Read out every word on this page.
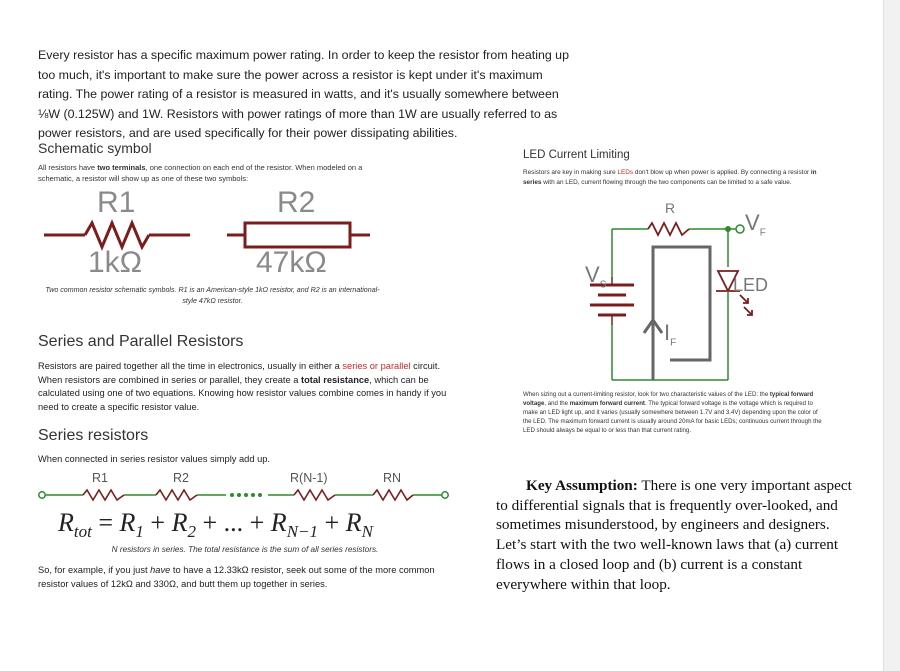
Every resistor has a specific maximum power rating. In order to keep the resistor from heating up too much, it's important to make sure the power across a resistor is kept under it's maximum rating. The power rating of a resistor is measured in watts, and it's usually somewhere between ⅛W (0.125W) and 1W. Resistors with power ratings of more than 1W are usually referred to as power resistors, and are used specifically for their power dissipating abilities.

Schematic symbol

All resistors have two terminals, one connection on each end of the resistor. When modeled on a schematic, a resistor will show up as one of these two symbols:

R1
1kΩ
R2
47kΩ

Two common resistor schematic symbols. R1 is an American-style 1kΩ resistor, and R2 is an international-style 47kΩ resistor.

Series and Parallel Resistors

Resistors are paired together all the time in electronics, usually in either a series or parallel circuit. When resistors are combined in series or parallel, they create a total resistance, which can be calculated using one of two equations. Knowing how resistor values combine comes in handy if you need to create a specific resistor value.

Series resistors

When connected in series resistor values simply add up.

R1	R2	R(N-1)	RN
$R_{tot} = R_1 + R_2$ + ... + $R_{N-1} + R_N$

N resistors in series. The total resistance is the sum of all series resistors.

So, for example, if you just have to have a 12.33kΩ resistor, seek out some of the more common resistor values of 12kΩ and 330Ω, and butt them up together in series.

LED Current Limiting

Resistors are key in making sure LEDs don't blow up when power is applied. By connecting a resistor in series with an LED, current flowing through the two components can be limited to a safe value.

R
$V_F$
$V_S$	LED
$I_F$

When sizing out a current-limiting resistor, look for two characteristic values of the LED: the typical forward voltage, and the maximum forward current. The typical forward voltage is the voltage which is required to make an LED light up, and it varies (usually somewhere between 1.7V and 3.4V) depending upon the color of the LED. The maximum forward current is usually around 20mA for basic LEDs; continuous current through the LED should always be equal to or less than that current rating.

Key Assumption: There is one very important aspect to differential signals that is frequently over-looked, and sometimes misunderstood, by engineers and designers. Let’s start with the two well-known laws that (a) current flows in a closed loop and (b) current is a constant everywhere within that loop.
